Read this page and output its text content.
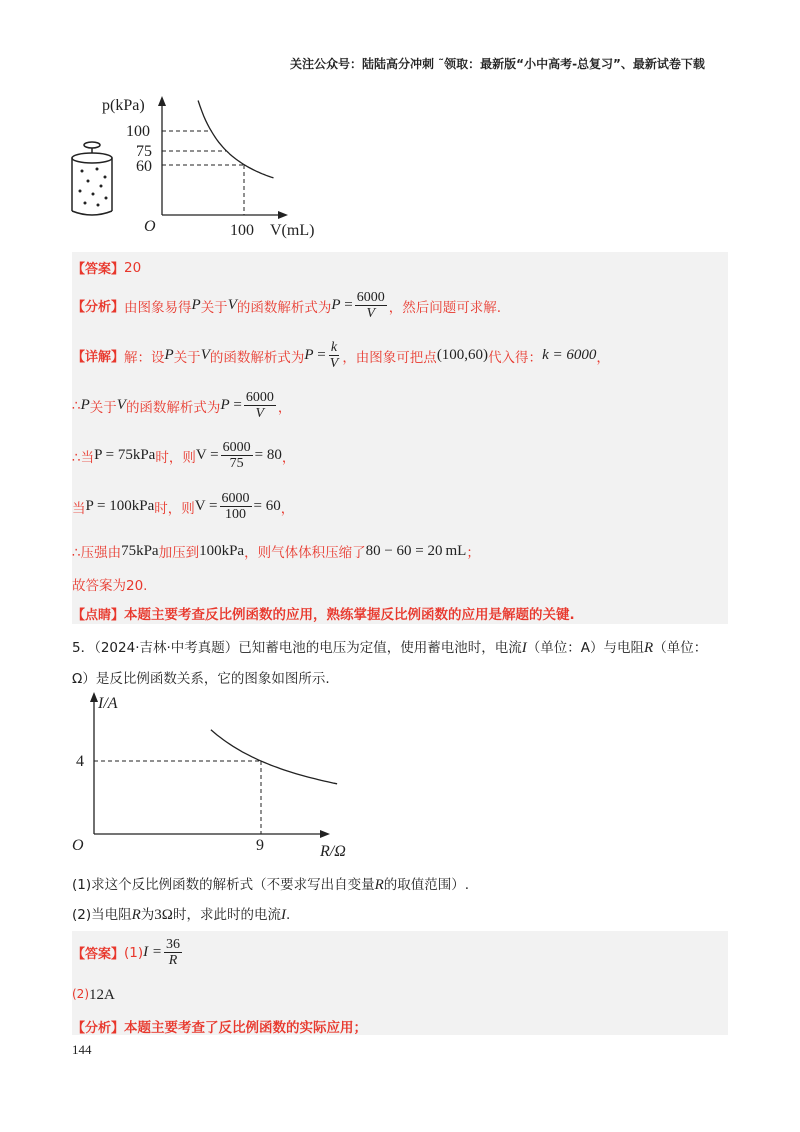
关注公众号：陆陆高分冲刺 ˜领取：最新版“小中高考-总复习”、最新试卷下载
p(kPa)
100
75
60
O	100 V(mL)
【答案】 20
【分析】 由图象易得 P 关于 V 的函数解析式为 $P = \frac{6000}{V}$ ，然后问题可求解.
【详解】 解：设 P 关于 V 的函数解析式为 $P = \frac{k}{V}$ ，由图象可把点 (100,60) 代入得： k = 6000 ，
∴ P 关于 V 的函数解析式为 $P = \frac{6000}{V}$ ，
∴当 P = 75kPa 时，则 $V = \frac{6000}{75} = 80$ ，
当 P = 100kPa 时，则 $V = \frac{6000}{100} = 60$ ，
∴压强由 75kPa 加压到 100kPa ，则气体体积压缩了 80 − 60 = 20 mL ；
故答案为20.
【点睛】 本题主要考查反比例函数的应用，熟练掌握反比例函数的应用是解题的关键.
5．（2024·吉林·中考真题）已知蓄电池的电压为定值，使用蓄电池时，电流I（单位：A）与电阻R（单位：
Ω）是反比例函数关系，它的图象如图所示.
I/A
4
O	9	R/Ω
(1)求这个反比例函数的解析式（不要求写出自变量R的取值范围）.
(2)当电阻R为3Ω时，求此时的电流I.
【答案】 (1) $I = \frac{36}{R}$
(2) 12A
【分析】 本题主要考查了反比例函数的实际应用；
144
